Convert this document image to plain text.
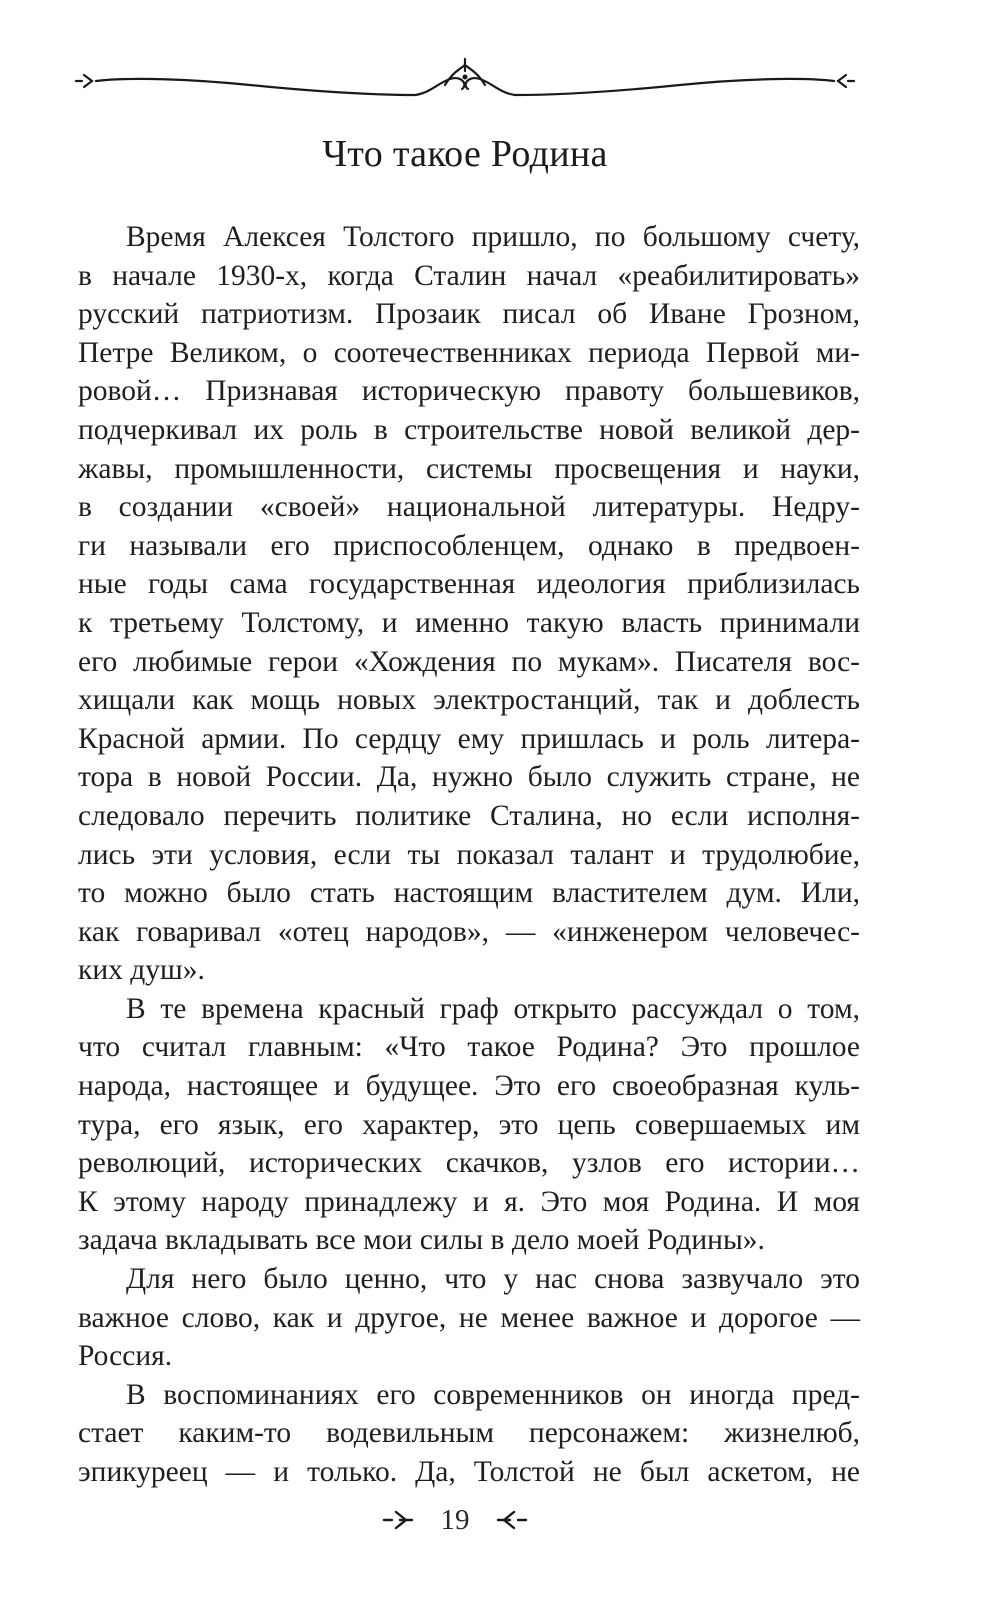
Что такое Родина

Время Алексея Толстого пришло, по большому счету,
в начале 1930-х, когда Сталин начал «реабилитировать»
русский патриотизм. Прозаик писал об Иване Грозном,
Петре Великом, о соотечественниках периода Первой ми-
ровой… Признавая историческую правоту большевиков,
подчеркивал их роль в строительстве новой великой дер-
жавы, промышленности, системы просвещения и науки,
в создании «своей» национальной литературы. Недру-
ги называли его приспособленцем, однако в предвоен-
ные годы сама государственная идеология приблизилась
к третьему Толстому, и именно такую власть принимали
его любимые герои «Хождения по мукам». Писателя вос-
хищали как мощь новых электростанций, так и доблесть
Красной армии. По сердцу ему пришлась и роль литера-
тора в новой России. Да, нужно было служить стране, не
следовало перечить политике Сталина, но если исполня-
лись эти условия, если ты показал талант и трудолюбие,
то можно было стать настоящим властителем дум. Или,
как говаривал «отец народов», — «инженером человечес-
ких душ».

В те времена красный граф открыто рассуждал о том,
что считал главным: «Что такое Родина? Это прошлое
народа, настоящее и будущее. Это его своеобразная куль-
тура, его язык, его характер, это цепь совершаемых им
революций, исторических скачков, узлов его истории…
К этому народу принадлежу и я. Это моя Родина. И моя
задача вкладывать все мои силы в дело моей Родины».

Для него было ценно, что у нас снова зазвучало это
важное слово, как и другое, не менее важное и дорогое —
Россия.

В воспоминаниях его современников он иногда пред-
стает каким-то водевильным персонажем: жизнелюб,
эпикуреец — и только. Да, Толстой не был аскетом, не

19
